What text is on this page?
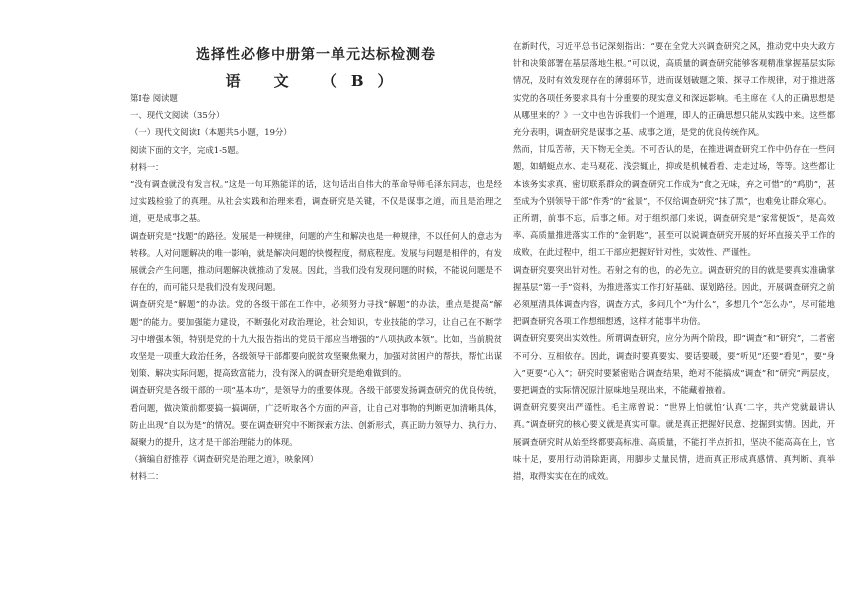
选择性必修中册第一单元达标检测卷
语 文 （B）

第Ⅰ卷 阅读题

一、现代文阅读（35分）

（一）现代文阅读Ⅰ（本题共5小题，19分）

阅读下面的文字，完成1-5题。

材料一：

“没有调查就没有发言权。”这是一句耳熟能详的话，这句话出自伟大的革命导师毛泽东同志，也是经过实践检验了的真理。从社会实践和治理来看，调查研究是关键，不仅是谋事之道，而且是治理之道，更是成事之基。

调查研究是“找题”的路径。发展是一种规律，问题的产生和解决也是一种规律，不以任何人的意志为转移。人对问题解决的唯一影响，就是解决问题的快慢程度，彻底程度。发展与问题是相伴的，有发展就会产生问题，推动问题解决就推动了发展。因此，当我们没有发现问题的时候，不能说问题是不存在的，而可能只是我们没有发现问题。

调查研究是“解题”的办法。党的各级干部在工作中，必须努力寻找“解题”的办法，重点是提高“解题”的能力。要加强能力建设，不断强化对政治理论，社会知识，专业技能的学习，让自己在不断学习中增强本领，特别是党的十九大报告指出的党员干部应当增强的“八项执政本领”。比如，当前脱贫攻坚是一项重大政治任务，各级领导干部都要向脱贫攻坚聚焦聚力，加强对贫困户的帮扶，帮忙出谋划策、解决实际问题，提高致富能力，没有深入的调查研究是绝难做到的。

调查研究是各级干部的一项“基本功”，是领导力的重要体现。各级干部要发扬调查研究的优良传统，看问题，做决策前都要搞一搞调研，广泛听取各个方面的声音，让自己对事物的判断更加清晰具体，防止出现“自以为是”的情况。要在调查研究中不断探索方法、创新形式，真正助力领导力、执行力、凝聚力的提升，这才是干部治理能力的体现。

（摘编自舒推荐《调查研究是治理之道》，映象网）

材料二：

在新时代，习近平总书记深刻指出：“要在全党大兴调查研究之风，推动党中央大政方针和决策部署在基层落地生根。”可以说，高质量的调查研究能够客观精准掌握基层实际情况，及时有效发现存在的薄弱环节，进而谋划破题之策、探寻工作规律，对于推进落实党的各项任务要求具有十分重要的现实意义和深远影响。毛主席在《人的正确思想是从哪里来的？》一文中也告诉我们一个道理，即人的正确思想只能从实践中来。这些都充分表明，调查研究是谋事之基、成事之道，是党的优良传统作风。

然而，甘瓜苦蒂，天下物无全美。不可否认的是，在推进调查研究工作中仍存在一些问题，如蜻蜓点水、走马观花、浅尝辄止，抑或是机械看看、走走过场，等等。这些都让本该务实求真、密切联系群众的调查研究工作成为“食之无味，弃之可惜”的“鸡肋”，甚至成为个别领导干部“作秀”的“盆景”，不仅给调查研究“抹了黑”，也难免让群众寒心。

正所谓，前事不忘，后事之师。对于组织部门来说，调查研究是“家常便饭”，是高效率、高质量推进落实工作的“金钥匙”，甚至可以说调查研究开展的好坏直接关乎工作的成败，在此过程中，组工干部应把握好针对性，实效性、严谨性。

调查研究要突出针对性。若射之有的也，的必先立。调查研究的目的就是要真实准确掌握基层“第一手”资料，为推进落实工作打好基础、谋划路径。因此，开展调查研究之前必须厘清具体调查内容，调查方式，多问几个“为什么”，多想几个“怎么办”，尽可能地把调查研究各项工作想细想透，这样才能事半功倍。

调查研究要突出实效性。所谓调查研究，应分为两个阶段，即“调查”和“研究”，二者密不可分、互相依存。因此，调查时要真要实、要话要暖，要“听见”还要“看见”，要“身入”更要“心入”；研究时要紧密贴合调查结果，绝对不能搞成“调查”和“研究”两层皮，要把调查的实际情况原汁原味地呈现出来，不能藏着掖着。

调查研究要突出严谨性。毛主席曾说：“世界上怕就怕‘认真’二字，共产党就最讲认真。”调查研究的核心要义就是真实可靠。就是真正把握好民意、挖掘到实情。因此，开展调查研究时从始至终都要高标准、高质量，不能打半点折扣，坚决不能高高在上，官味十足，要用行动消除距离，用脚步丈量民情，进而真正形成真感情、真判断、真举措，取得实实在在的成效。
